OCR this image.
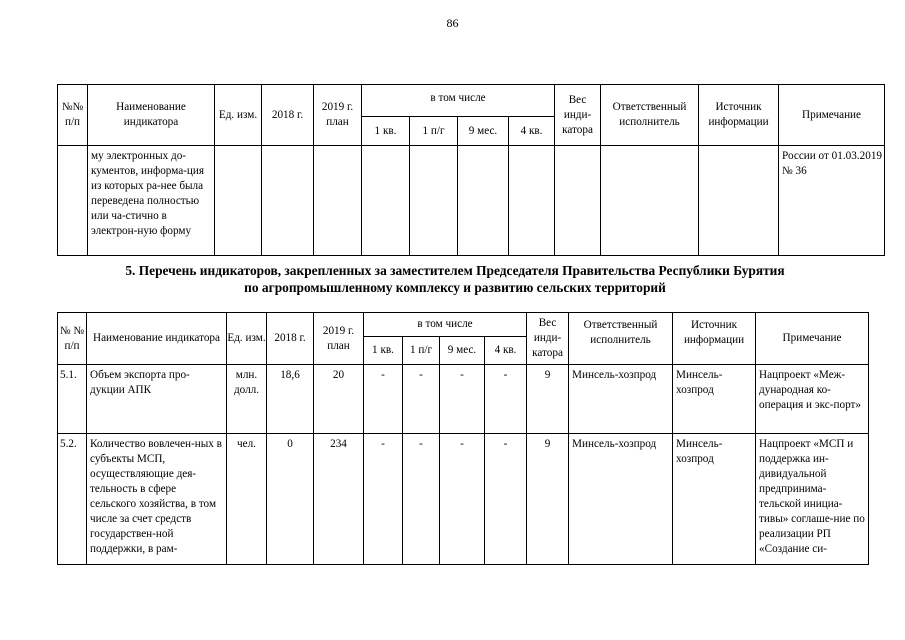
86
№№ п/п	Наименование индикатора	Ед. изм.	2018 г.	2019 г. план	в том числе				Вес инди-катора	Ответственный исполнитель	Источник информации	Примечание
					1 кв.	1 п/г	9 мес.	4 кв.				
	му электронных до-кументов, информа-ция из которых ра-нее была переведена полностью или ча-стично в электрон-ную форму											России от 01.03.2019 № 36
5. Перечень индикаторов, закрепленных за заместителем Председателя Правительства Республики Бурятия
по агропромышленному комплексу и развитию сельских территорий
№ № п/п	Наименование индикатора	Ед. изм.	2018 г.	2019 г. план	в том числе				Вес инди-катора	Ответственный исполнитель	Источник информации	Примечание
					1 кв.	1 п/г	9 мес.	4 кв.				
5.1.	Объем экспорта про-дукции АПК	млн. долл.	18,6	20	-	-	-	-	9	Минсель-хозпрод	Минсель-хозпрод	Нацпроект «Меж-дународная ко-операция и экс-порт»
5.2.	Количество вовлечен-ных в субъекты МСП, осуществляющие дея-тельность в сфере сельского хозяйства, в том числе за счет средств государствен-ной поддержки, в рам-	чел.	0	234	-	-	-	-	9	Минсель-хозпрод	Минсель-хозпрод	Нацпроект «МСП и поддержка ин-дивидуальной предпринима-тельской инициа-тивы» соглаше-ние по реализации РП «Создание си-
